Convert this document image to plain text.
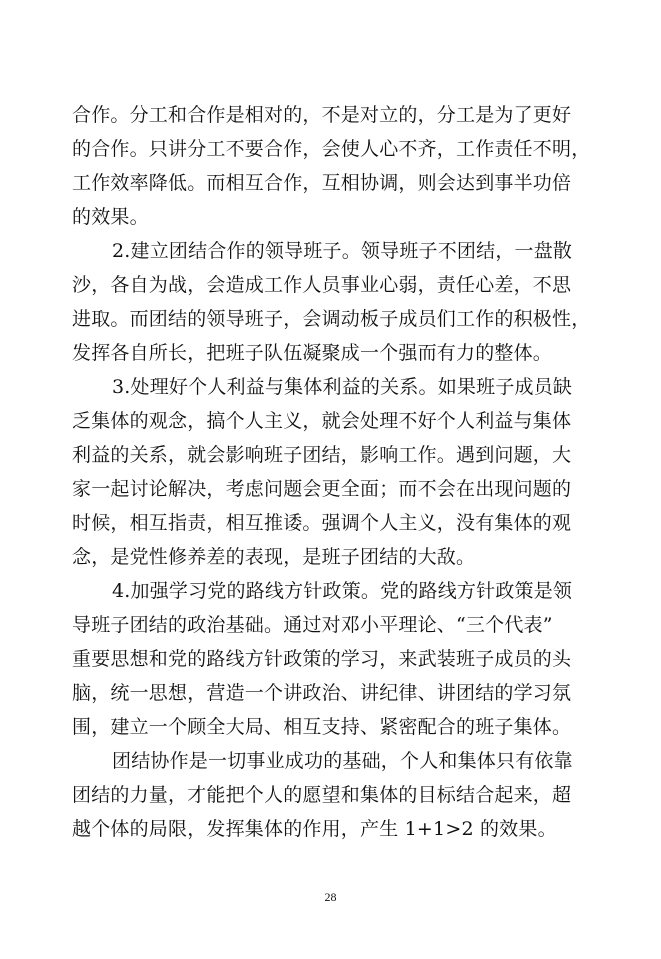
合作。分工和合作是相对的，不是对立的，分工是为了更好
的合作。只讲分工不要合作，会使人心不齐，工作责任不明，
工作效率降低。而相互合作，互相协调，则会达到事半功倍
的效果。
2.建立团结合作的领导班子。领导班子不团结，一盘散
沙，各自为战，会造成工作人员事业心弱，责任心差，不思
进取。而团结的领导班子，会调动板子成员们工作的积极性，
发挥各自所长，把班子队伍凝聚成一个强而有力的整体。
3.处理好个人利益与集体利益的关系。如果班子成员缺
乏集体的观念，搞个人主义，就会处理不好个人利益与集体
利益的关系，就会影响班子团结，影响工作。遇到问题，大
家一起讨论解决，考虑问题会更全面；而不会在出现问题的
时候，相互指责，相互推诿。强调个人主义，没有集体的观
念，是党性修养差的表现，是班子团结的大敌。
4.加强学习党的路线方针政策。党的路线方针政策是领
导班子团结的政治基础。通过对邓小平理论、“三个代表”
重要思想和党的路线方针政策的学习，来武装班子成员的头
脑，统一思想，营造一个讲政治、讲纪律、讲团结的学习氛
围，建立一个顾全大局、相互支持、紧密配合的班子集体。
团结协作是一切事业成功的基础，个人和集体只有依靠
团结的力量，才能把个人的愿望和集体的目标结合起来，超
越个体的局限，发挥集体的作用，产生 1+1>2 的效果。
28
